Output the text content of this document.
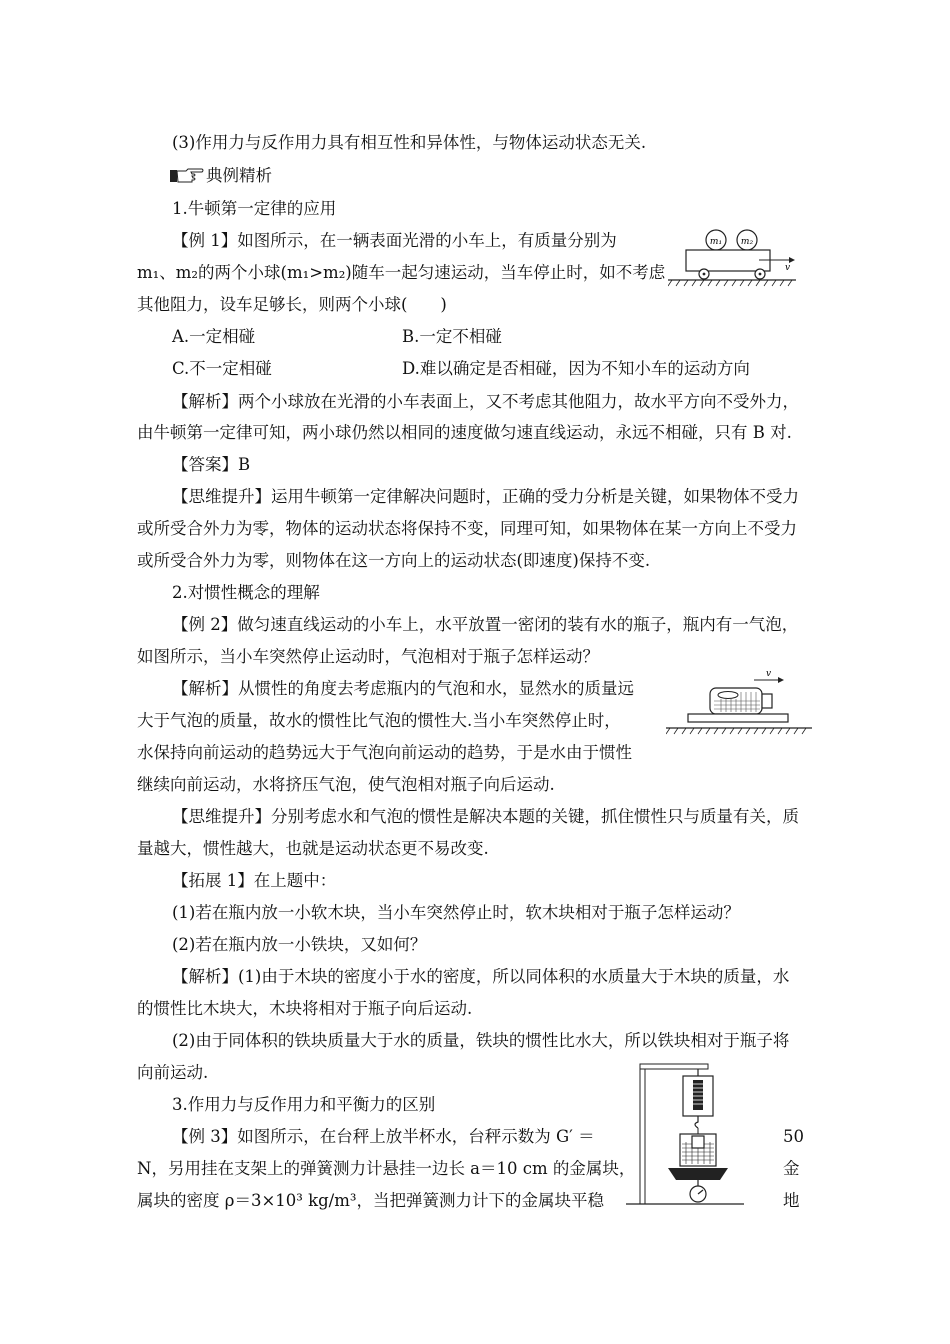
(3)作用力与反作用力具有相互性和异体性，与物体运动状态无关.
典例精析
1.牛顿第一定律的应用
【例 1】如图所示，在一辆表面光滑的小车上，有质量分别为
m₁、m₂的两个小球(m₁>m₂)随车一起匀速运动，当车停止时，如不考虑
其他阻力，设车足够长，则两个小球(　　)
m₁ m₂
v
A.一定相碰	B.一定不相碰
C.不一定相碰	D.难以确定是否相碰，因为不知小车的运动方向
【解析】两个小球放在光滑的小车表面上，又不考虑其他阻力，故水平方向不受外力，
由牛顿第一定律可知，两小球仍然以相同的速度做匀速直线运动，永远不相碰，只有 B 对.
【答案】B
【思维提升】运用牛顿第一定律解决问题时，正确的受力分析是关键，如果物体不受力
或所受合外力为零，物体的运动状态将保持不变，同理可知，如果物体在某一方向上不受力
或所受合外力为零，则物体在这一方向上的运动状态(即速度)保持不变.
2.对惯性概念的理解
【例 2】做匀速直线运动的小车上，水平放置一密闭的装有水的瓶子，瓶内有一气泡，
如图所示，当小车突然停止运动时，气泡相对于瓶子怎样运动？
【解析】从惯性的角度去考虑瓶内的气泡和水，显然水的质量远
大于气泡的质量，故水的惯性比气泡的惯性大.当小车突然停止时，
水保持向前运动的趋势远大于气泡向前运动的趋势，于是水由于惯性
继续向前运动，水将挤压气泡，使气泡相对瓶子向后运动.
v
【思维提升】分别考虑水和气泡的惯性是解决本题的关键，抓住惯性只与质量有关，质
量越大，惯性越大，也就是运动状态更不易改变.
【拓展 1】在上题中：
(1)若在瓶内放一小软木块，当小车突然停止时，软木块相对于瓶子怎样运动？
(2)若在瓶内放一小铁块，又如何？
【解析】(1)由于木块的密度小于水的密度，所以同体积的水质量大于木块的质量，水
的惯性比木块大，木块将相对于瓶子向后运动.
(2)由于同体积的铁块质量大于水的质量，铁块的惯性比水大，所以铁块相对于瓶子将
向前运动.
3.作用力与反作用力和平衡力的区别
【例 3】如图所示，在台秤上放半杯水，台秤示数为 G′ ＝	50
N，另用挂在支架上的弹簧测力计悬挂一边长 a＝10 cm 的金属块，	金
属块的密度 ρ＝3×10³ kg/m³，当把弹簧测力计下的金属块平稳	地
